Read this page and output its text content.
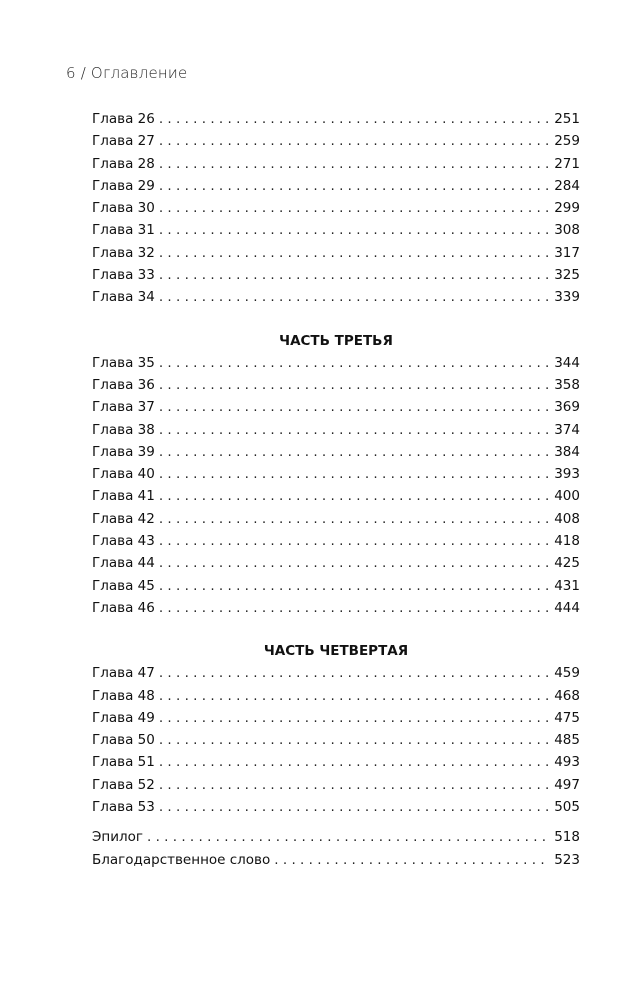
6 / Оглавление
Глава 26 . . .	251
Глава 27 . . .	259
Глава 28 . . .	271
Глава 29 . . .	284
Глава 30 . . .	299
Глава 31 . . .	308
Глава 32 . . .	317
Глава 33 . . .	325
Глава 34 . . .	339
ЧАСТЬ ТРЕТЬЯ
Глава 35 . . .	344
Глава 36 . . .	358
Глава 37 . . .	369
Глава 38 . . .	374
Глава 39 . . .	384
Глава 40 . . .	393
Глава 41 . . .	400
Глава 42 . . .	408
Глава 43 . . .	418
Глава 44 . . .	425
Глава 45 . . .	431
Глава 46 . . .	444
ЧАСТЬ ЧЕТВЕРТАЯ
Глава 47 . . .	459
Глава 48 . . .	468
Глава 49 . . .	475
Глава 50 . . .	485
Глава 51 . . .	493
Глава 52 . . .	497
Глава 53 . . .	505
Эпилог . . .	518
Благодарственное слово . . .	523
